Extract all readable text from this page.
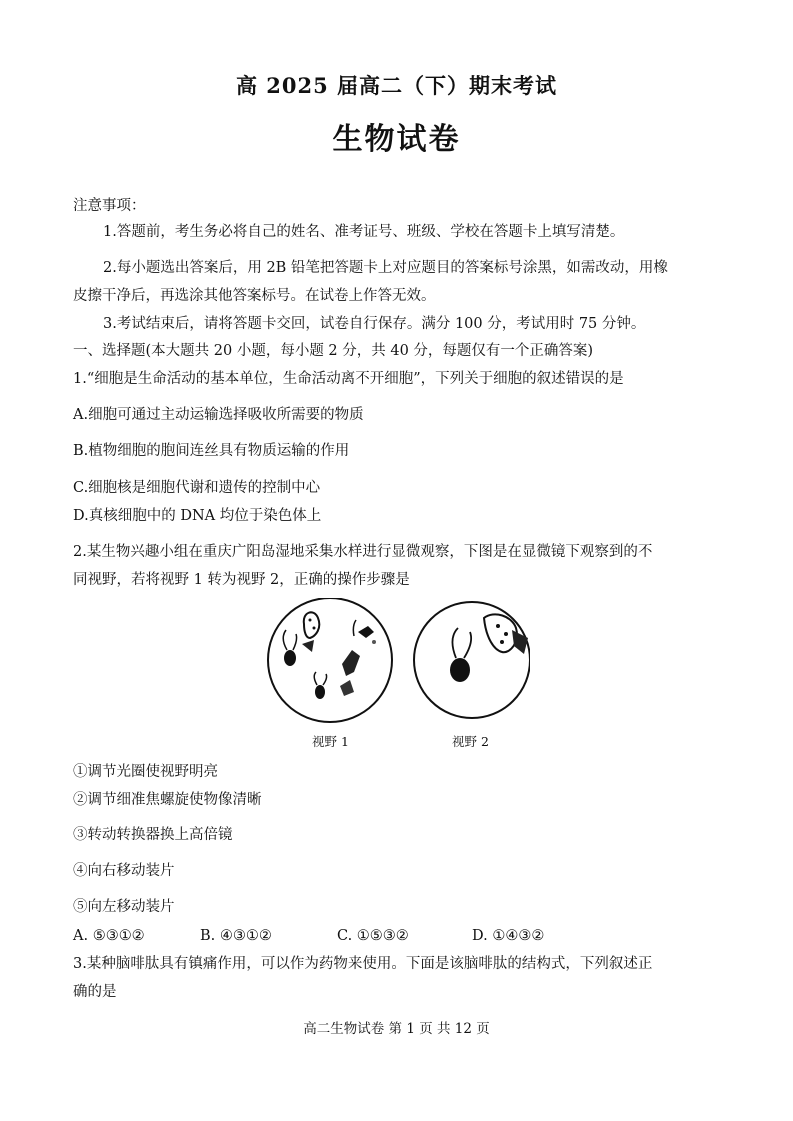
高 2025 届高二（下）期末考试
生物试卷
注意事项：
1.答题前，考生务必将自己的姓名、准考证号、班级、学校在答题卡上填写清楚。
2.每小题选出答案后，用 2B 铅笔把答题卡上对应题目的答案标号涂黑，如需改动，用橡
皮擦干净后，再选涂其他答案标号。在试卷上作答无效。
3.考试结束后，请将答题卡交回，试卷自行保存。满分 100 分，考试用时 75 分钟。
一、选择题(本大题共 20 小题，每小题 2 分，共 40 分，每题仅有一个正确答案)
1.“细胞是生命活动的基本单位，生命活动离不开细胞”，下列关于细胞的叙述错误的是
A.细胞可通过主动运输选择吸收所需要的物质
B.植物细胞的胞间连丝具有物质运输的作用
C.细胞核是细胞代谢和遗传的控制中心
D.真核细胞中的 DNA 均位于染色体上
2.某生物兴趣小组在重庆广阳岛湿地采集水样进行显微观察，下图是在显微镜下观察到的不
同视野，若将视野 1 转为视野 2，正确的操作步骤是
视野 1	视野 2
①调节光圈使视野明亮
②调节细准焦螺旋使物像清晰
③转动转换器换上高倍镜
④向右移动装片
⑤向左移动装片
A. ⑤③①②	B. ④③①②	C. ①⑤③②	D. ①④③②
3.某种脑啡肽具有镇痛作用，可以作为药物来使用。下面是该脑啡肽的结构式，下列叙述正
确的是
高二生物试卷 第 1 页 共 12 页
